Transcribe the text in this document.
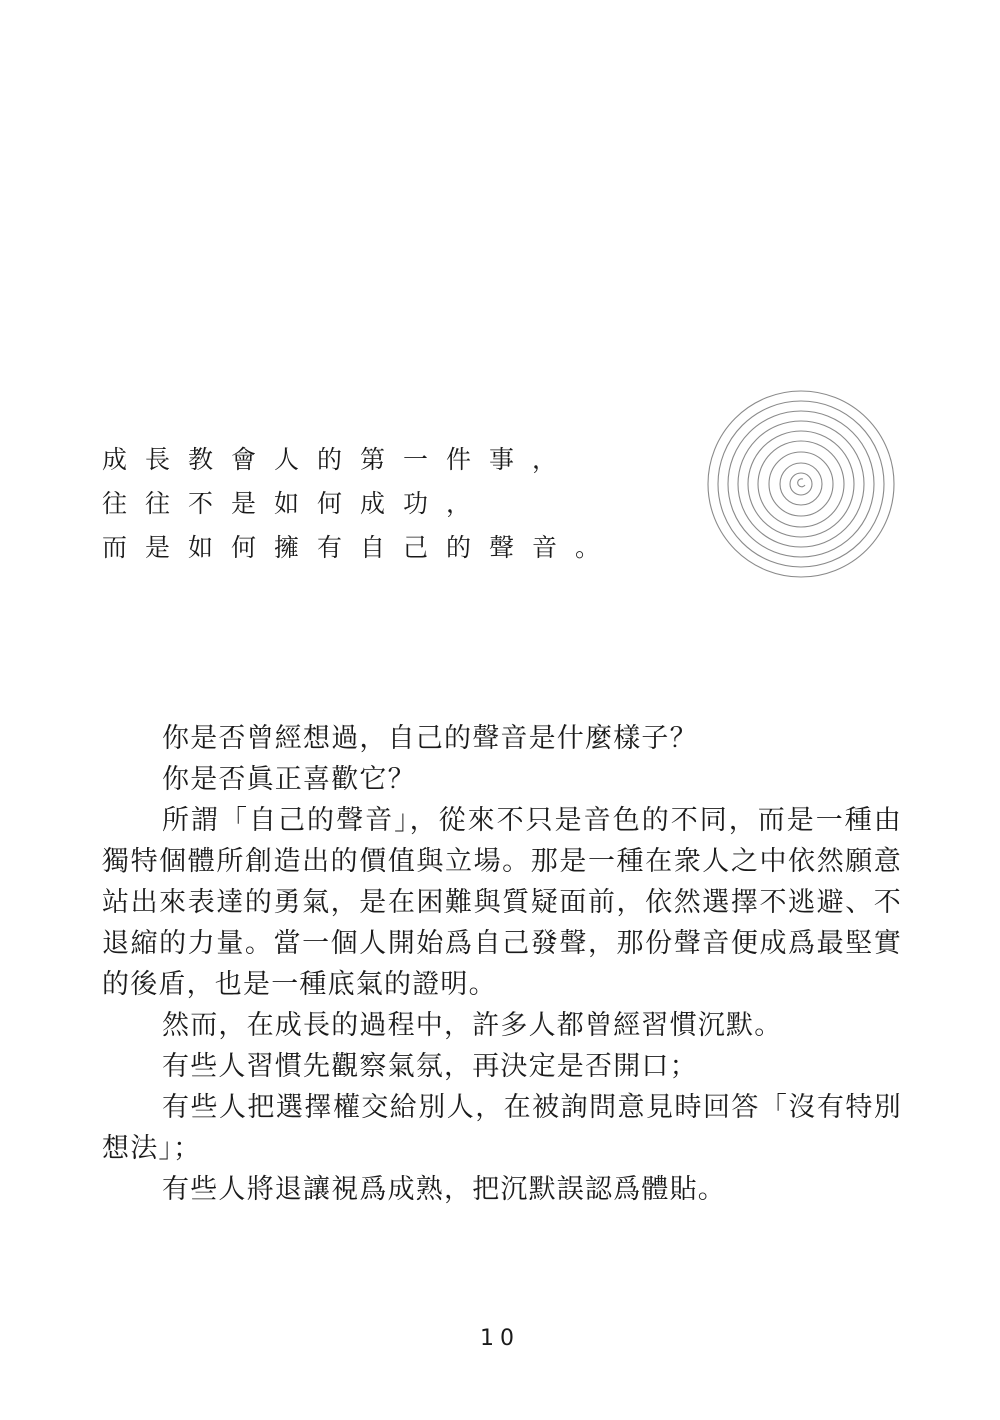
成長教會人的第一件事，
往往不是如何成功，
而是如何擁有自己的聲音。

你是否曾經想過，自己的聲音是什麼樣子？

你是否眞正喜歡它？

所謂「自己的聲音」，從來不只是音色的不同，而是一種由獨特個體所創造出的價值與立場。那是一種在衆人之中依然願意站出來表達的勇氣，是在困難與質疑面前，依然選擇不逃避、不退縮的力量。當一個人開始爲自己發聲，那份聲音便成爲最堅實的後盾，也是一種底氣的證明。

然而，在成長的過程中，許多人都曾經習慣沉默。

有些人習慣先觀察氣氛，再決定是否開口；

有些人把選擇權交給別人，在被詢問意見時回答「沒有特別想法」；

有些人將退讓視爲成熟，把沉默誤認爲體貼。

10
